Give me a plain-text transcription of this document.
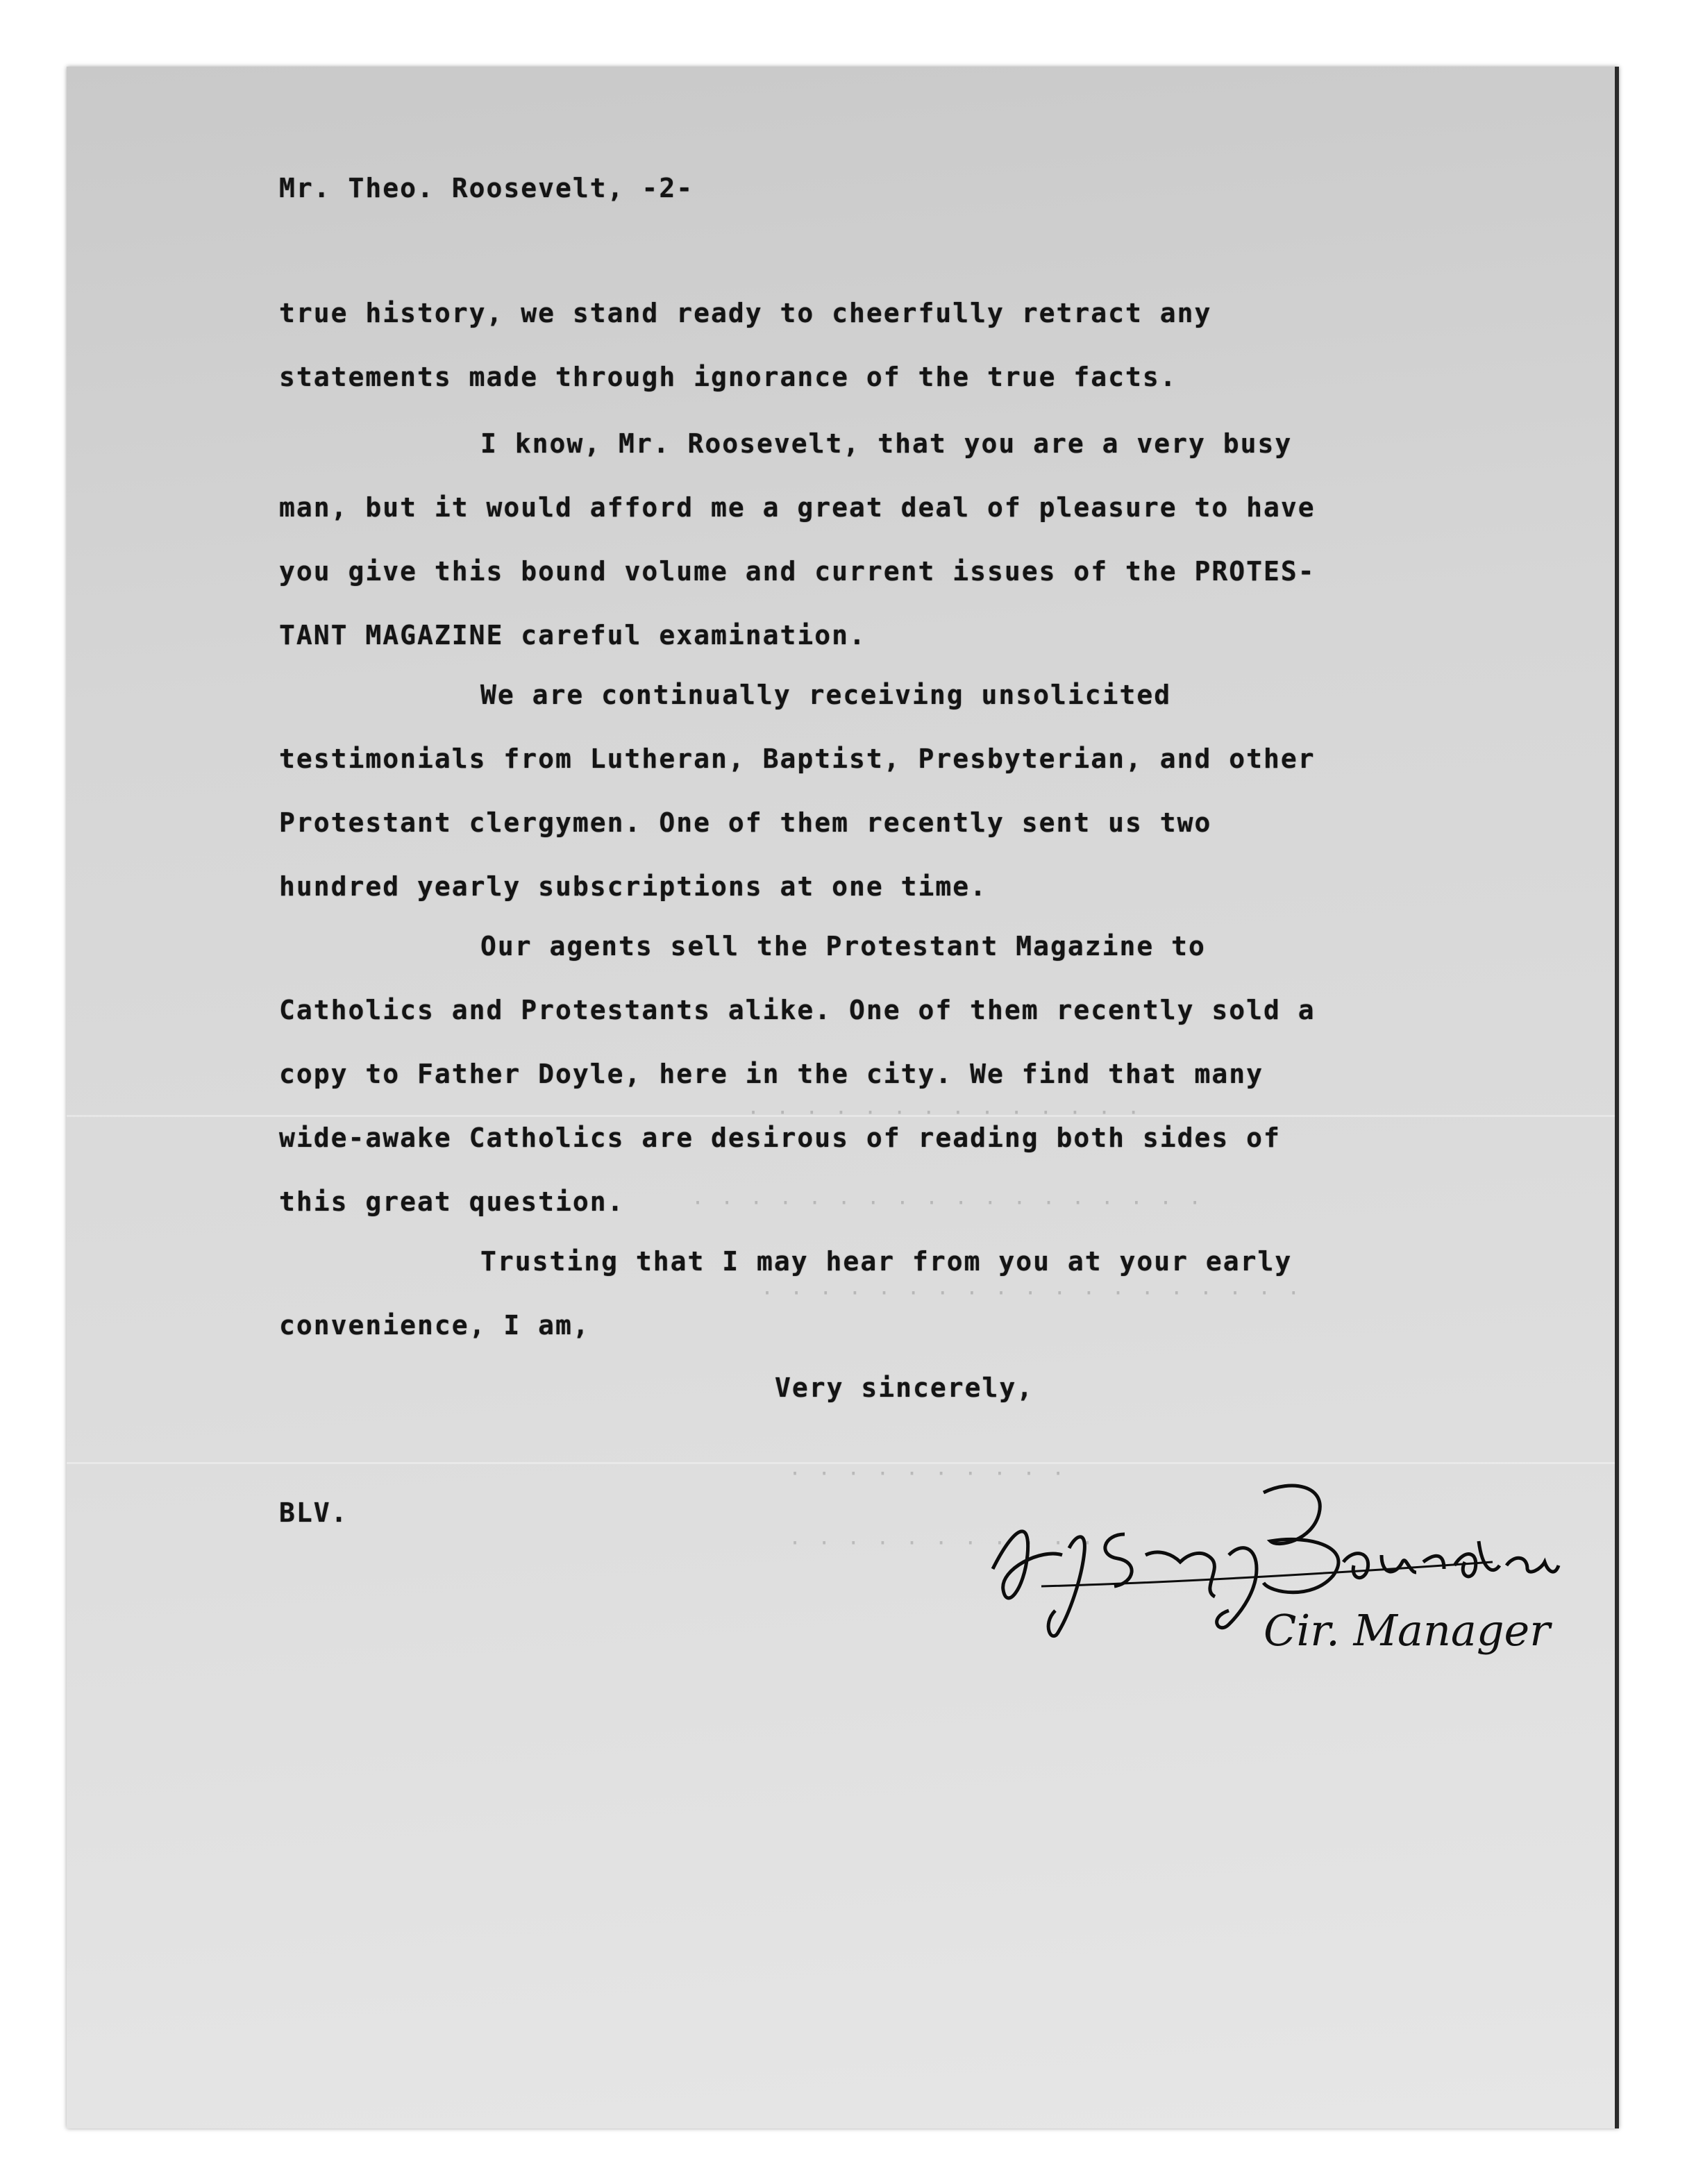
· · · · · · · · · · · · · ·
· · · · · · · · · · · · · · · · · ·
· · · · · · · · · · · · · · · · · · ·
· · · · · · · · · ·
· · · · · · · · · · ·
Mr. Theo. Roosevelt, -2-
true history, we stand ready to cheerfully retract any
statements made through ignorance of the true facts.
I know, Mr. Roosevelt, that you are a very busy
man, but it would afford me a great deal of pleasure to have
you give this bound volume and current issues of the PROTES-
TANT MAGAZINE careful examination.
We are continually receiving unsolicited
testimonials from Lutheran, Baptist, Presbyterian, and other
Protestant clergymen. One of them recently sent us two
hundred yearly subscriptions at one time.
Our agents sell the Protestant Magazine to
Catholics and Protestants alike. One of them recently sold a
copy to Father Doyle, here in the city. We find that many
wide-awake Catholics are desirous of reading both sides of
this great question.
Trusting that I may hear from you at your early
convenience, I am,
Very sincerely,
BLV.
Cir. Manager
